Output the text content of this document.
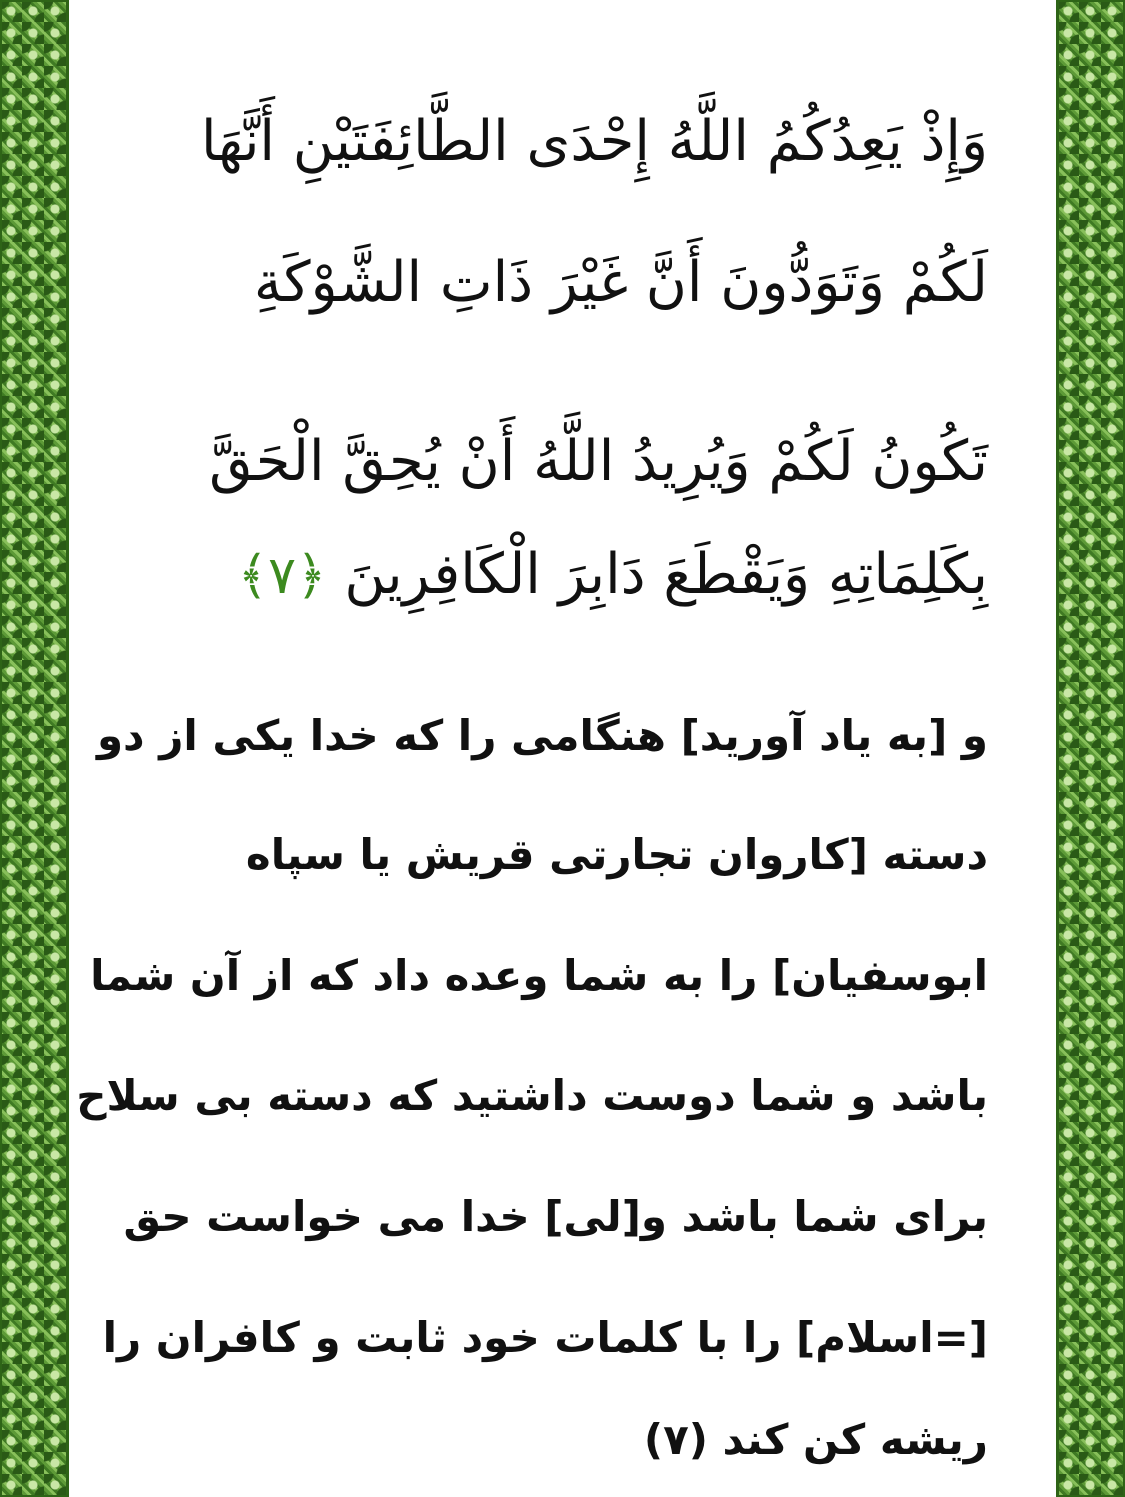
وَإِذْ يَعِدُكُمُ اللَّهُ إِحْدَى الطَّائِفَتَيْنِ أَنَّهَا
لَكُمْ وَتَوَدُّونَ أَنَّ غَيْرَ ذَاتِ الشَّوْكَةِ
تَكُونُ لَكُمْ وَيُرِيدُ اللَّهُ أَنْ يُحِقَّ الْحَقَّ
بِكَلِمَاتِهِ وَيَقْطَعَ دَابِرَ الْكَافِرِينَ ﴿٧﴾
و [به یاد آورید] هنگامی را که خدا یکی از دو
دسته [کاروان تجارتی قریش یا سپاه
ابوسفیان] را به شما وعده داد که از آن شما
باشد و شما دوست داشتید که دسته بی سلاح
برای شما باشد و[لی] خدا می خواست حق
[=اسلام] را با کلمات خود ثابت و کافران را
ریشه کن کند (۷)
